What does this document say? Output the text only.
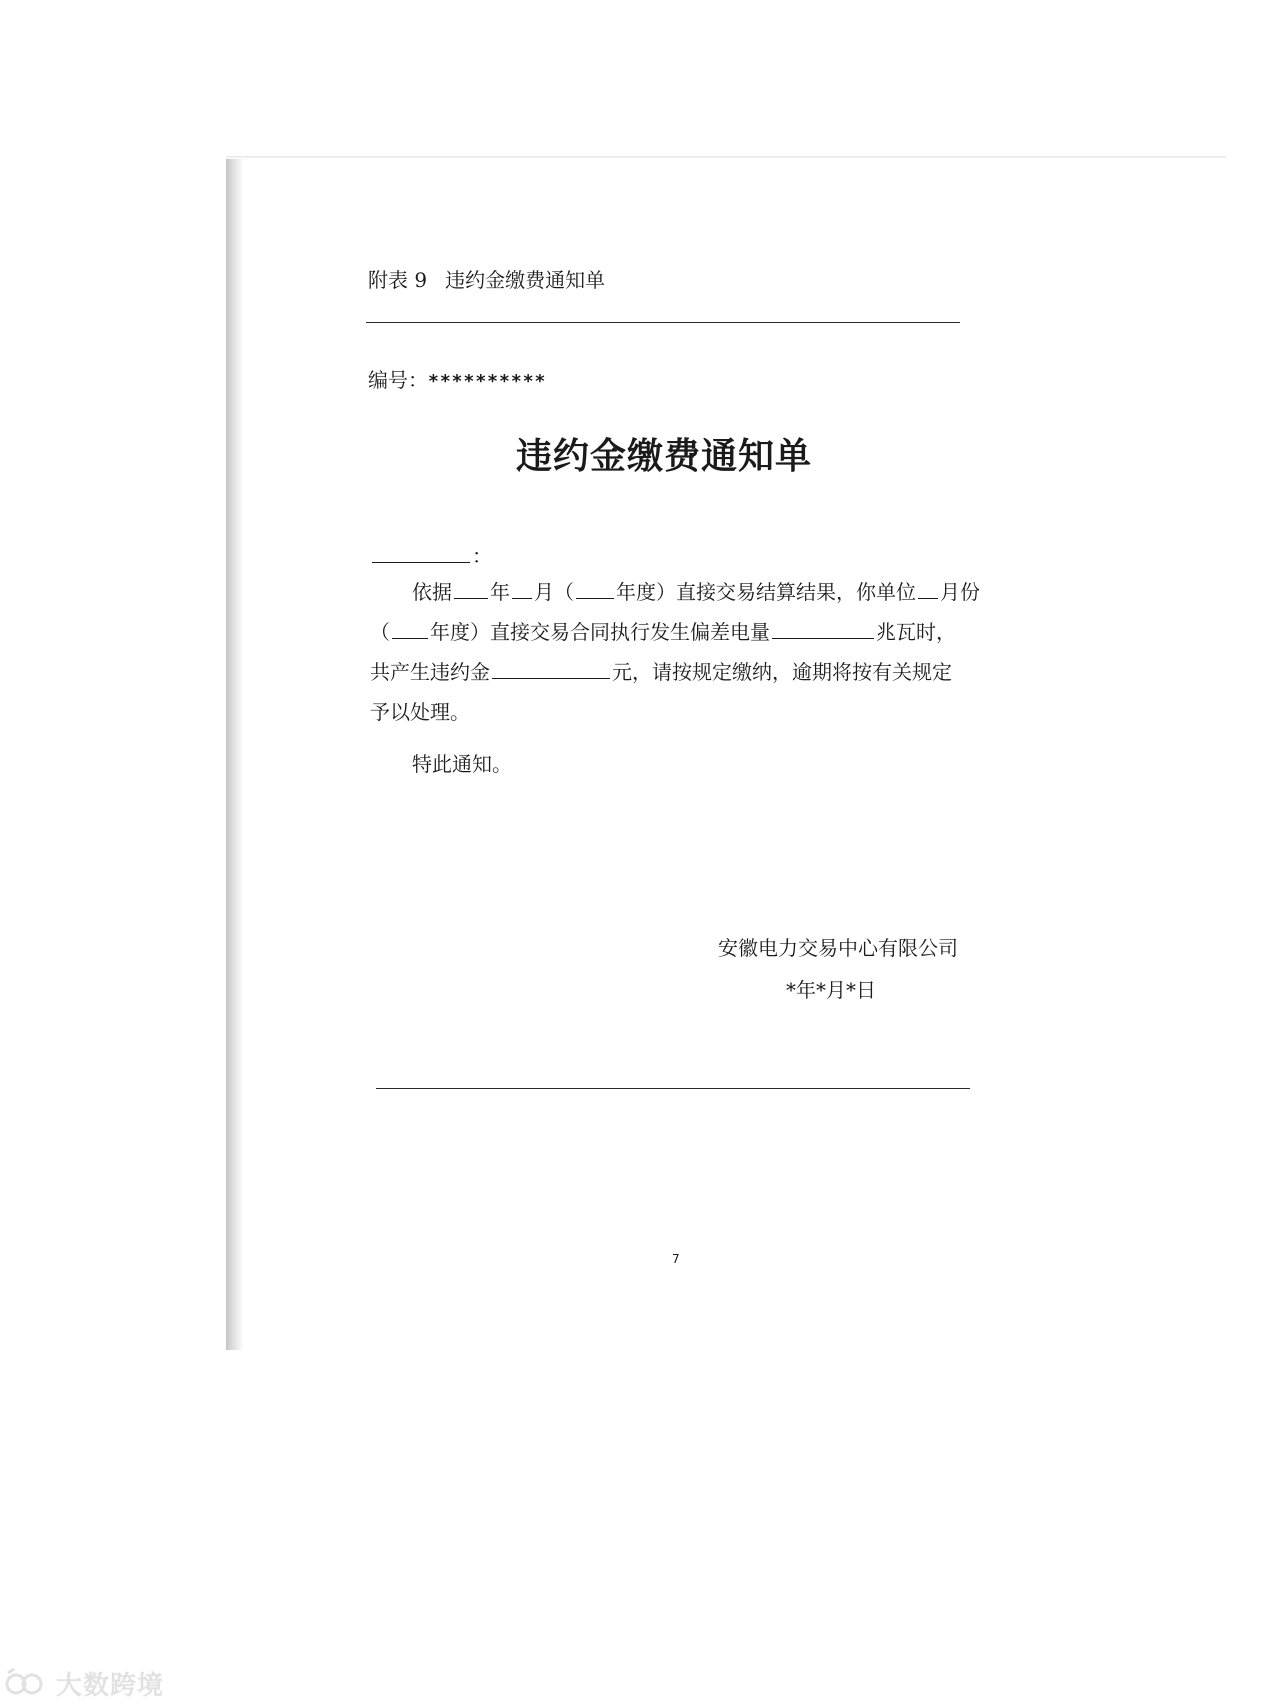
附表 9 违约金缴费通知单
编号：**********
违约金缴费通知单
：
依据 年 月（ 年度）直接交易结算结果，你单位 月份
（ 年度）直接交易合同执行发生偏差电量	兆瓦时，
共产生违约金	元，请按规定缴纳，逾期将按有关规定
予以处理。
特此通知。
安徽电力交易中心有限公司
*年*月*日
7
大数跨境
